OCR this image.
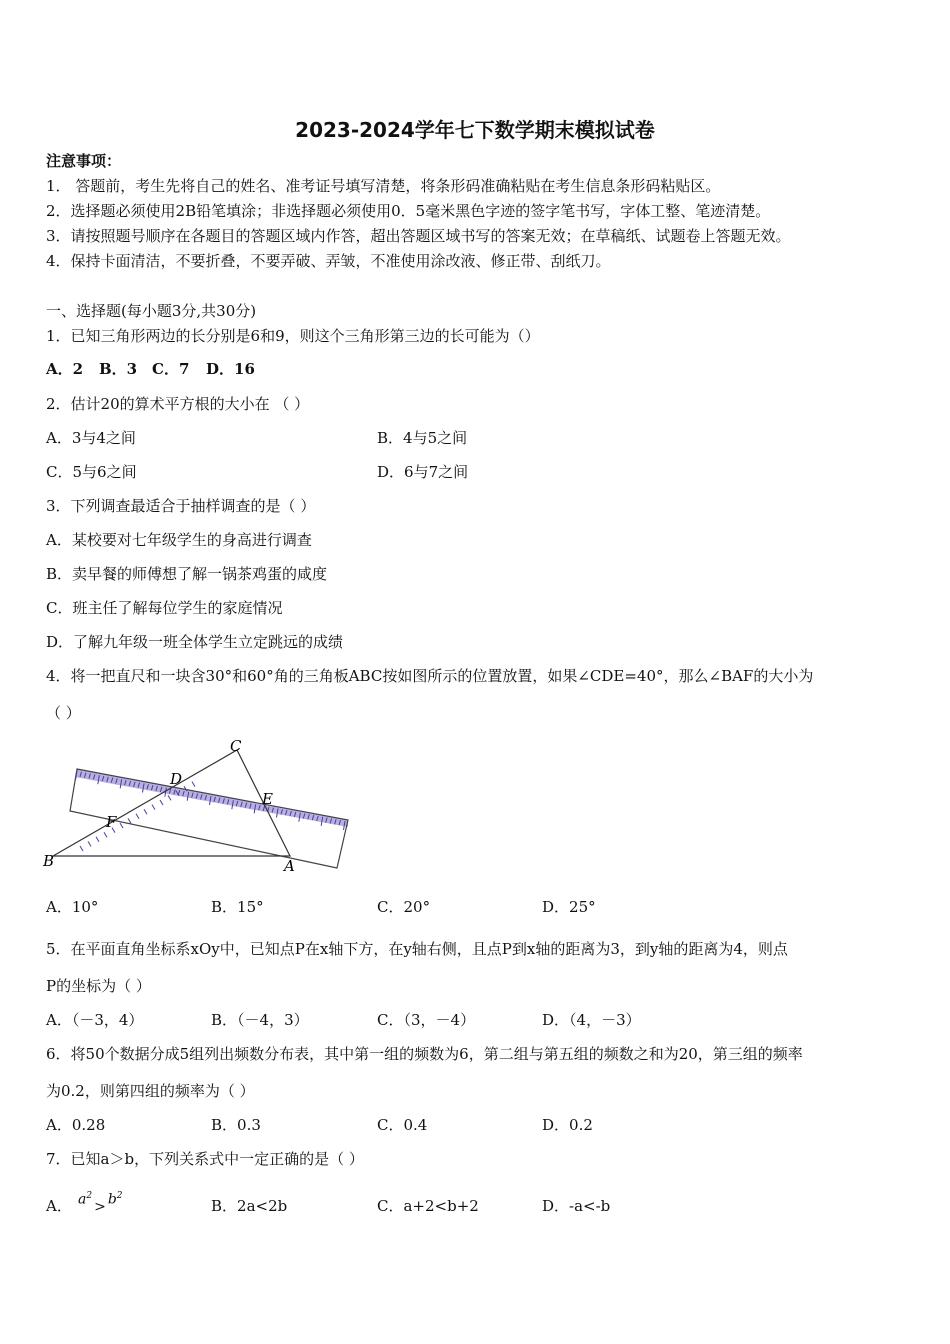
2023-2024学年七下数学期末模拟试卷
注意事项：
1． 答题前，考生先将自己的姓名、准考证号填写清楚，将条形码准确粘贴在考生信息条形码粘贴区。
2．选择题必须使用2B铅笔填涂；非选择题必须使用0．5毫米黑色字迹的签字笔书写，字体工整、笔迹清楚。
3．请按照题号顺序在各题目的答题区域内作答，超出答题区域书写的答案无效；在草稿纸、试题卷上答题无效。
4．保持卡面清洁，不要折叠，不要弄破、弄皱，不准使用涂改液、修正带、刮纸刀。
一、选择题(每小题3分,共30分)
1．已知三角形两边的长分别是6和9，则这个三角形第三边的长可能为（）
A．2 B．3 C．7 D．16
2．估计20的算术平方根的大小在 （ ）
A．3与4之间	B．4与5之间
C．5与6之间	D．6与7之间
3．下列调查最适合于抽样调查的是（ ）
A．某校要对七年级学生的身高进行调查
B．卖早餐的师傅想了解一锅茶鸡蛋的咸度
C．班主任了解每位学生的家庭情况
D．了解九年级一班全体学生立定跳远的成绩
4．将一把直尺和一块含30°和60°角的三角板ABC按如图所示的位置放置，如果∠CDE=40°，那么∠BAF的大小为
（ ）
C
D
E
F
B	A
A．10°	B．15°	C．20°	D．25°
5．在平面直角坐标系xOy中，已知点P在x轴下方，在y轴右侧，且点P到x轴的距离为3，到y轴的距离为4，则点
P的坐标为（ ）
A．（－3，4）	B．（－4，3）	C．（3，－4）	D．（4，－3）
6．将50个数据分成5组列出频数分布表，其中第一组的频数为6，第二组与第五组的频数之和为20，第三组的频率
为0.2，则第四组的频率为（ ）
A．0.28	B．0.3	C．0.4	D．0.2
7．已知a＞b，下列关系式中一定正确的是（ ）
A． $a^2> b^2$
B．2a<2b	C．a+2<b+2	D．-a<-b
